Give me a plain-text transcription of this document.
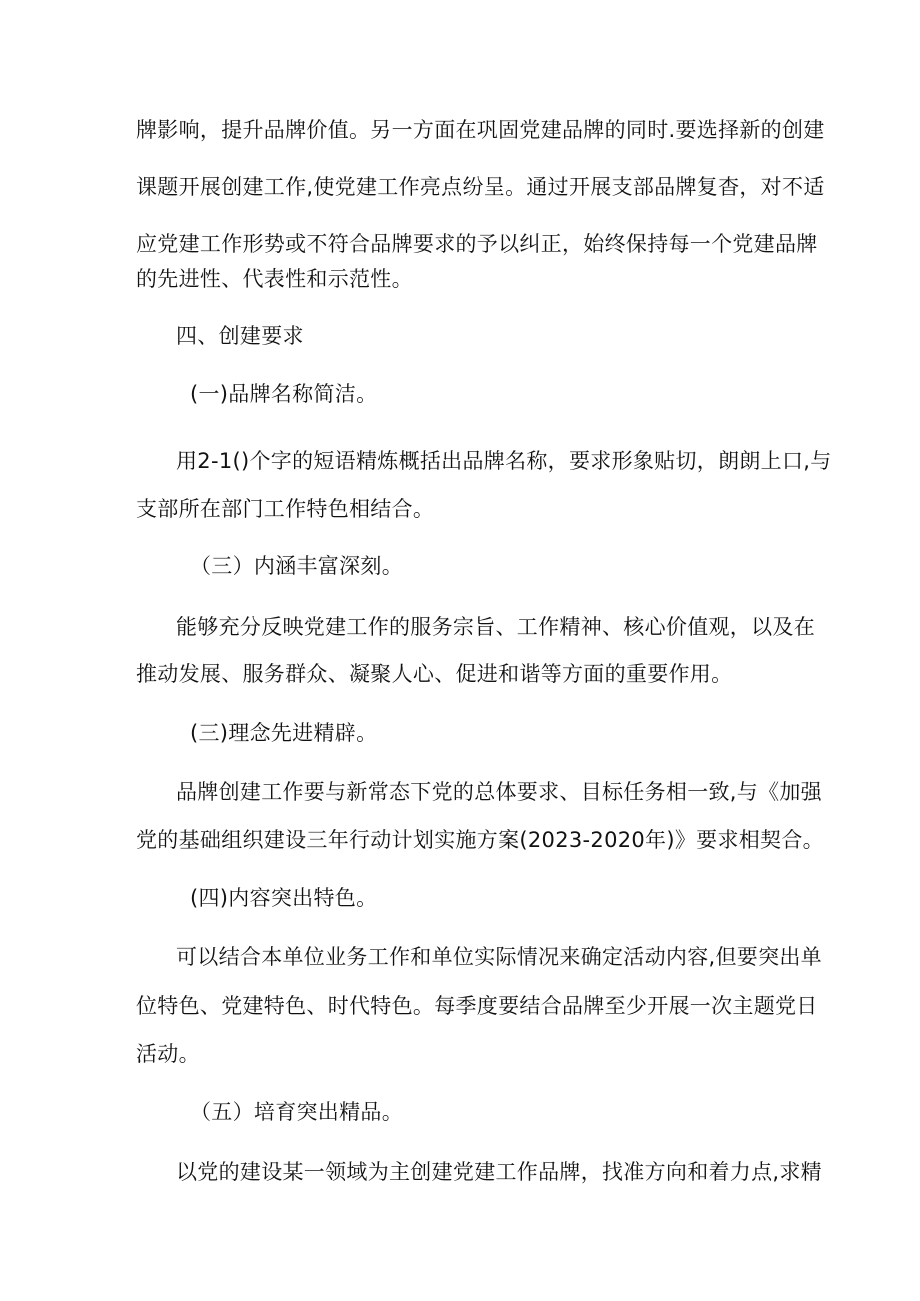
牌影响，提升品牌价值。另一方面在巩固党建品牌的同时.要选择新的创建
课题开展创建工作,使党建工作亮点纷呈。通过开展支部品牌复杳，对不适
应党建工作形势或不符合品牌要求的予以纠正，始终保持每一个党建品牌
的先进性、代表性和示范性。
四、创建要求
(一)品牌名称简洁。
用2-1()个字的短语精炼概括出品牌名称，要求形象贴切，朗朗上口,与
支部所在部门工作特色相结合。
（三）内涵丰富深刻。
能够充分反映党建工作的服务宗旨、工作精神、核心价值观，以及在
推动发展、服务群众、凝聚人心、促进和谐等方面的重要作用。
(三)理念先进精辟。
品牌创建工作要与新常态下党的总体要求、目标任务相一致,与《加强
党的基础组织建设三年行动计划实施方案(2023-2020年)》要求相契合。
(四)内容突出特色。
可以结合本单位业务工作和单位实际情况来确定活动内容,但要突出单
位特色、党建特色、时代特色。每季度要结合品牌至少开展一次主题党日
活动。
（五）培育突出精品。
以党的建设某一领域为主创建党建工作品牌，找准方向和着力点,求精
